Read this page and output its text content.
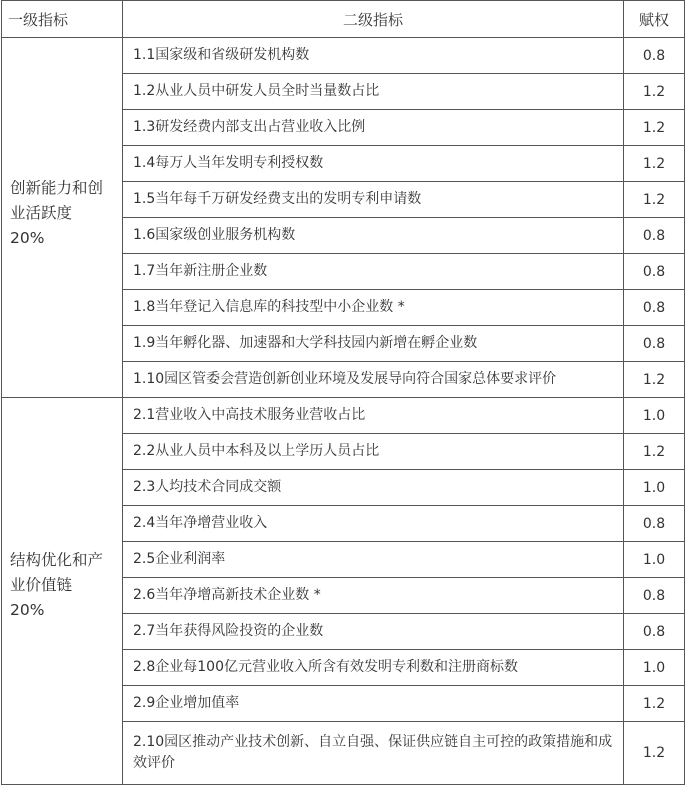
一级指标	二级指标	赋权

创新能力和创
业活跃度
20%	1.1国家级和省级研发机构数	0.8
	1.2从业人员中研发人员全时当量数占比	1.2
	1.3研发经费内部支出占营业收入比例	1.2
	1.4每万人当年发明专利授权数	1.2
	1.5当年每千万研发经费支出的发明专利申请数	1.2
	1.6国家级创业服务机构数	0.8
	1.7当年新注册企业数	0.8
	1.8当年登记入信息库的科技型中小企业数 *	0.8
	1.9当年孵化器、加速器和大学科技园内新增在孵企业数	0.8
	1.10园区管委会营造创新创业环境及发展导向符合国家总体要求评价	1.2

结构优化和产
业价值链
20%	2.1营业收入中高技术服务业营收占比	1.0
	2.2从业人员中本科及以上学历人员占比	1.2
	2.3人均技术合同成交额	1.0
	2.4当年净增营业收入	0.8
	2.5企业利润率	1.0
	2.6当年净增高新技术企业数 *	0.8
	2.7当年获得风险投资的企业数	0.8
	2.8企业每100亿元营业收入所含有效发明专利数和注册商标数	1.0
	2.9企业增加值率	1.2
	2.10园区推动产业技术创新、自立自强、保证供应链自主可控的政策措施和成效评价	1.2
